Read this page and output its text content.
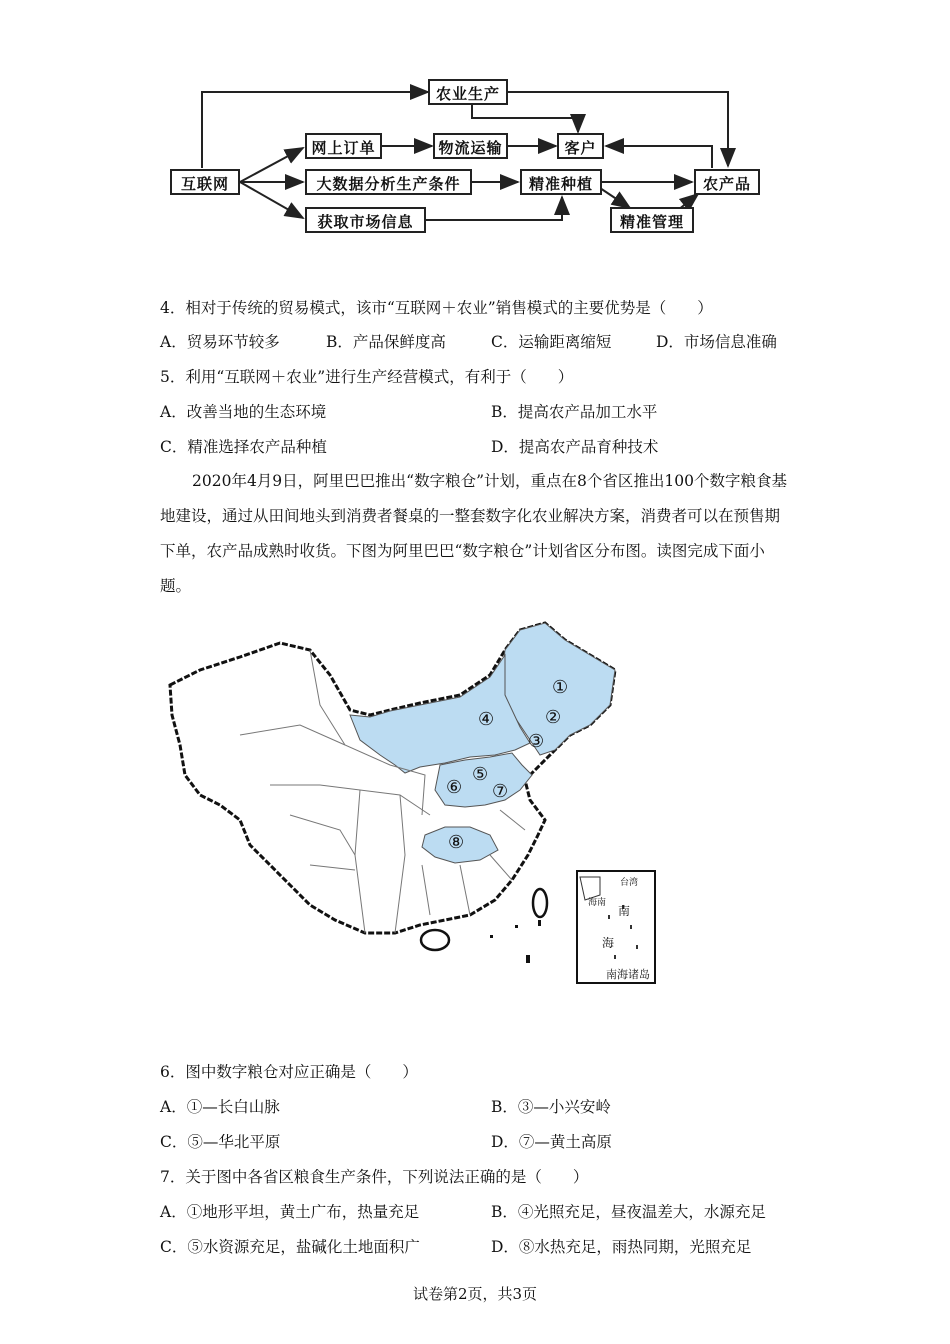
农业生产
网上订单	物流运输	客户
互联网	大数据分析生产条件	精准种植	农产品
获取市场信息	精准管理
4．相对于传统的贸易模式，该市“互联网＋农业”销售模式的主要优势是（　　）
A．贸易环节较多	B．产品保鲜度高	C．运输距离缩短	D．市场信息准确
5．利用“互联网＋农业”进行生产经营模式，有利于（　　）
A．改善当地的生态环境	B．提高农产品加工水平
C．精准选择农产品种植	D．提高农产品育种技术
2020年4月9日，阿里巴巴推出“数字粮仓”计划，重点在8个省区推出100个数字粮食基地建设，通过从田间地头到消费者餐桌的一整套数字化农业解决方案，消费者可以在预售期下单，农产品成熟时收货。下图为阿里巴巴“数字粮仓”计划省区分布图。读图完成下面小题。
①
②
③
④
⑤
⑥ ⑦
⑧
台湾
海南
南
海
南海诸岛
6．图中数字粮仓对应正确是（　　）
A．①—长白山脉	B．③—小兴安岭
C．⑤—华北平原	D．⑦—黄土高原
7．关于图中各省区粮食生产条件，下列说法正确的是（　　）
A．①地形平坦，黄土广布，热量充足	B．④光照充足，昼夜温差大，水源充足
C．⑤水资源充足，盐碱化土地面积广	D．⑧水热充足，雨热同期，光照充足
试卷第2页，共3页
